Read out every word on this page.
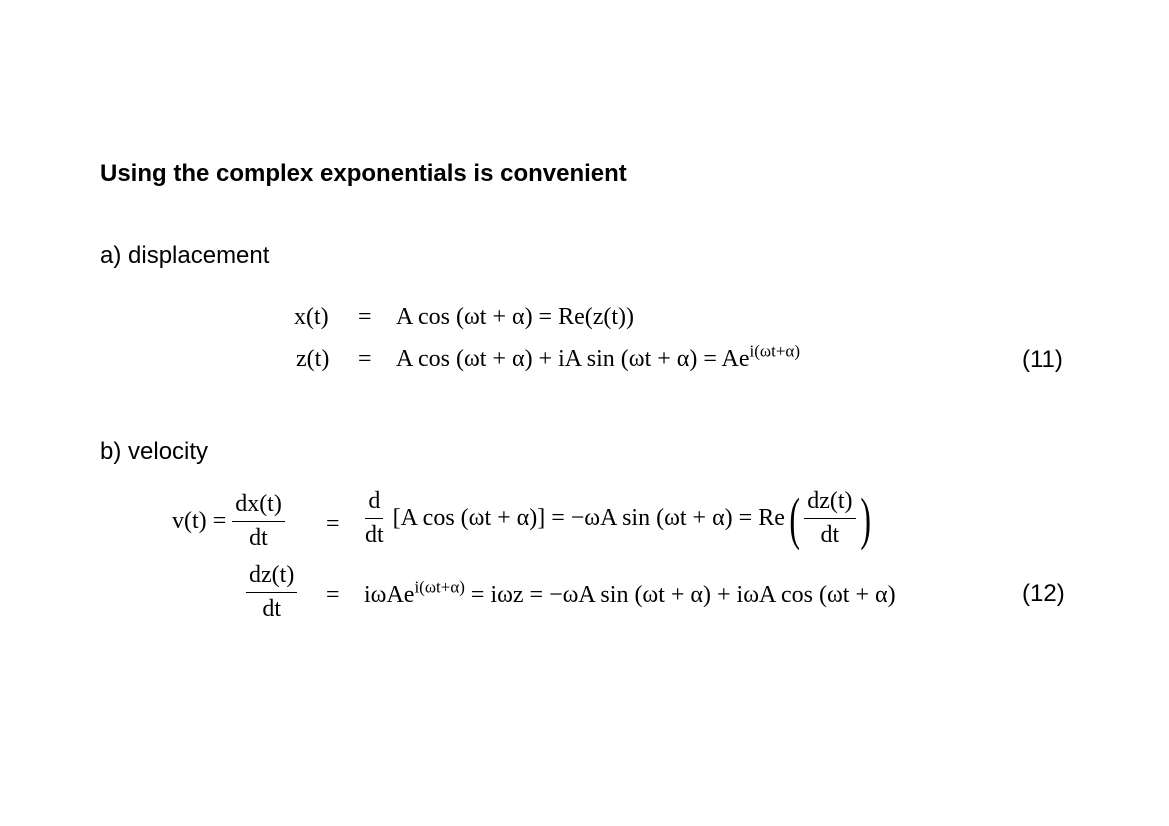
Using the complex exponentials is convenient
a) displacement
x(t) = A cos (ωt + α) = Re(z(t))
z(t) = A cos (ωt + α) + iA $\sin (\omega t + \alpha) = Ae^{i(\omega t+\alpha)}$	(11)
b) velocity
$v(t) = \frac{dx(t)}{dt} = \frac{d}{dt} [A$ cos (ωt + α)] = −ωA sin (ωt + α) = Re ( $\frac{dz(t)}{dt}$ )
$\frac{dz(t)}{dt} = i\omega Ae^{i(\omega t+\alpha)} = i\omega z = -\omega A$ sin (ωt + α) + iωA cos (ωt + α)	(12)
